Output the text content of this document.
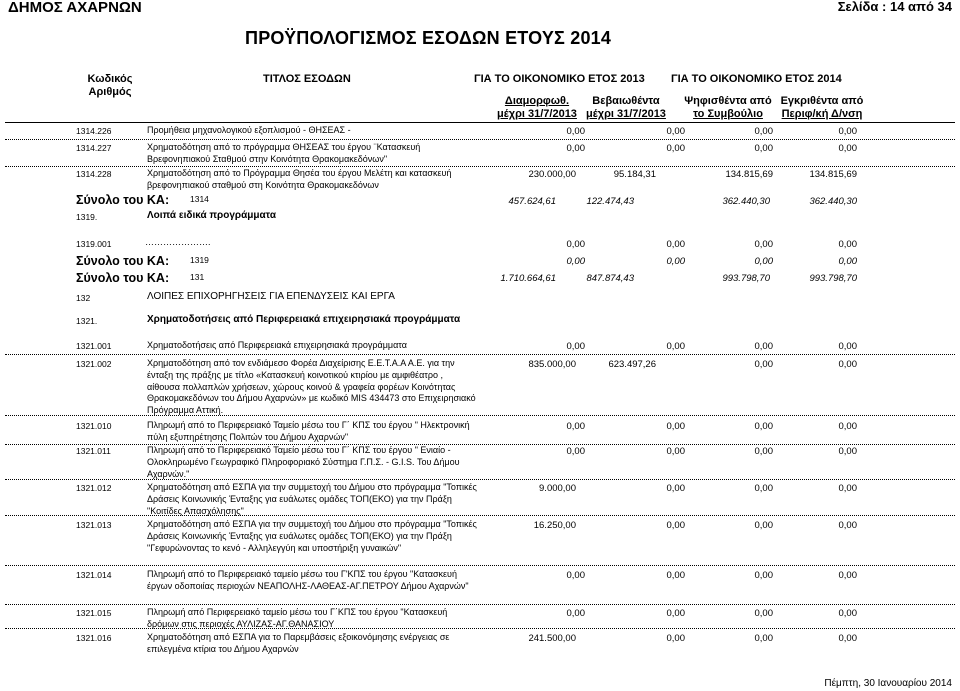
ΔΗΜΟΣ ΑΧΑΡΝΩΝ	Σελίδα : 14 από 34
ΠΡΟΫΠΟΛΟΓΙΣΜΟΣ ΕΣΟΔΩΝ ΕΤΟΥΣ 2014
Κωδικός
Αριθμός
ΤΙΤΛΟΣ ΕΣΟΔΩΝ	ΓΙΑ ΤΟ ΟΙΚΟΝΟΜΙΚΟ ΕΤΟΣ 2013 ΓΙΑ ΤΟ ΟΙΚΟΝΟΜΙΚΟ ΕΤΟΣ 2014
Διαμορφωθ.
μέχρι 31/7/2013
Βεβαιωθέντα
μέχρι 31/7/2013
Ψηφισθέντα από
το Συμβούλιο
Εγκριθέντα από
Περιφ/κή Δ/νση
1314.226	Προμήθεια μηχανολογικού εξοπλισμού - ΘΗΣΕΑΣ -	0,00	0,00	0,00	0,00
1314.227	Χρηματοδότηση από το πρόγραμμα ΘΗΣΕΑΣ του έργου ¨Κατασκευή Βρεφονηπιακού Σταθμού στην Κοινότητα Θρακομακεδόνων"
0,00	0,00	0,00	0,00
1314.228	Χρηματοδότηση από το Πρόγραμμα Θησέα του έργου Μελέτη και κατασκευή βρεφονηπιακού σταθμού στη Κοινότητα Θρακομακεδόνων
230.000,00	95.184,31	134.815,69	134.815,69
Σύνολο του ΚΑ: 1314	457.624,61	122.474,43	362.440,30	362.440,30
1319.	Λοιπά ειδικά προγράμματα
1319.001	………………….	0,00	0,00	0,00	0,00
Σύνολο του ΚΑ: 1319	0,00	0,00	0,00	0,00
Σύνολο του ΚΑ: 131	1.710.664,61	847.874,43	993.798,70	993.798,70
132	ΛΟΙΠΕΣ ΕΠΙΧΟΡΗΓΗΣΕΙΣ ΓΙΑ ΕΠΕΝΔΥΣΕΙΣ ΚΑΙ ΕΡΓΑ
1321.	Χρηματοδοτήσεις από Περιφερειακά επιχειρησιακά προγράμματα
1321.001	Χρηματοδοτήσεις από Περιφερειακά επιχειρησιακά προγράμματα	0,00	0,00	0,00	0,00
1321.002	Χρηματοδότηση από τον ενδιάμεσο Φορέα Διαχείρισης Ε.Ε.Τ.Α.Α Α.Ε. για την ένταξη της πράξης με τίτλο «Κατασκευή κοινοτικού κτιρίου με αμφιθέατρο , αίθουσα πολλαπλών χρήσεων, χώρους κοινού & γραφεία φορέων Κοινότητας Θρακομακεδόνων του Δήμου Αχαρνών» με κωδικό MIS 434473 στο Επιχειρησιακό Πρόγραμμα Αττική.
835.000,00	623.497,26	0,00	0,00
1321.010	Πληρωμή από το Περιφερειακό Ταμείο μέσω του Γ΄ ΚΠΣ του έργου " Ηλεκτρονική πύλη εξυπηρέτησης Πολιτών του Δήμου Αχαρνών"
0,00	0,00	0,00	0,00
1321.011	Πληρωμή από το Περιφερειακό Ταμείο μέσω του Γ΄ ΚΠΣ του έργου " Ενιαίο - Ολοκληρωμένο Γεωγραφικό Πληροφοριακό Σύστημα Γ.Π.Σ. - G.I.S. Του Δήμου Αχαρνών."
0,00	0,00	0,00	0,00
1321.012	Χρηματοδότηση από ΕΣΠΑ για την συμμετοχή του Δήμου στο πρόγραμμα "Τοπικές Δράσεις Κοινωνικής Ένταξης για ευάλωτες ομάδες ΤΟΠ(ΕΚΟ) για την Πράξη "Κοιτίδες Απασχόλησης"
9.000,00	0,00	0,00	0,00
1321.013	Χρηματοδότηση από ΕΣΠΑ για την συμμετοχή του Δήμου στο πρόγραμμα "Τοπικές Δράσεις Κοινωνικής Ένταξης για ευάλωτες ομάδες ΤΟΠ(ΕΚΟ) για την Πράξη "Γεφυρώνοντας το κενό - Αλληλεγγύη και υποστήριξη γυναικών"
16.250,00	0,00	0,00	0,00
1321.014	Πληρωμή από το Περιφερειακό ταμείο μέσω του Γ'ΚΠΣ του έργου "Κατασκευή έργων οδοποιίας περιοχών ΝΕΑΠΟΛΗΣ-ΛΑΘΕΑΣ-ΑΓ.ΠΕΤΡΟΥ Δήμου Αχαρνών"
0,00	0,00	0,00	0,00
1321.015	Πληρωμή από Περιφερειακό ταμείο μέσω του Γ΄ΚΠΣ του έργου "Κατασκευή δρόμων στις περιοχές ΑΥΛΙΖΑΣ-ΑΓ.ΘΑΝΑΣΙΟΥ
0,00	0,00	0,00	0,00
1321.016	Χρηματοδότηση από ΕΣΠΑ για το Παρεμβάσεις εξοικονόμησης ενέργειας σε επιλεγμένα κτίρια του Δήμου Αχαρνών
241.500,00	0,00	0,00	0,00
Πέμπτη, 30 Ιανουαρίου 2014
